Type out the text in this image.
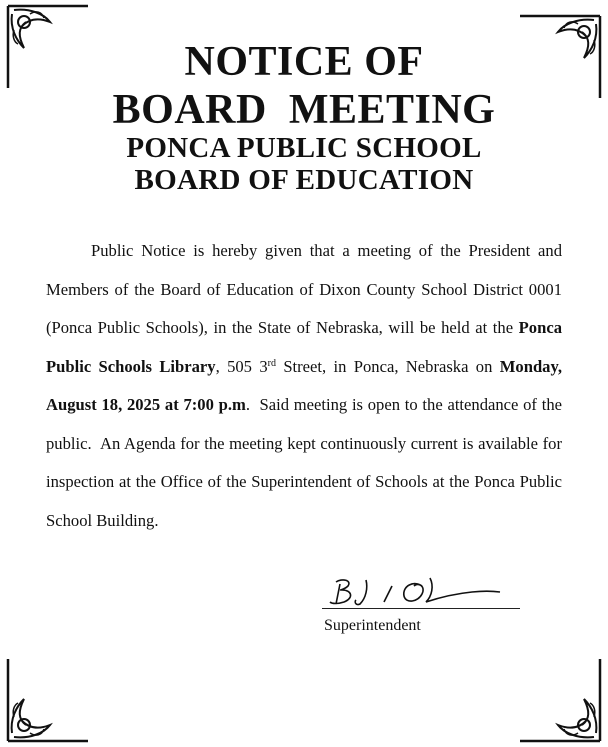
NOTICE OF
BOARD  MEETING
PONCA PUBLIC SCHOOL
BOARD OF EDUCATION

Public Notice is hereby given that a meeting of the President and Members of the Board of Education of Dixon County School District 0001 (Ponca Public Schools), in the State of Nebraska, will be held at the Ponca Public Schools Library, 505 3rd Street, in Ponca, Nebraska on Monday, August 18, 2025 at 7:00 p.m.  Said meeting is open to the attendance of the public.  An Agenda for the meeting kept continuously current is available for inspection at the Office of the Superintendent of Schools at the Ponca Public School Building.

Superintendent
